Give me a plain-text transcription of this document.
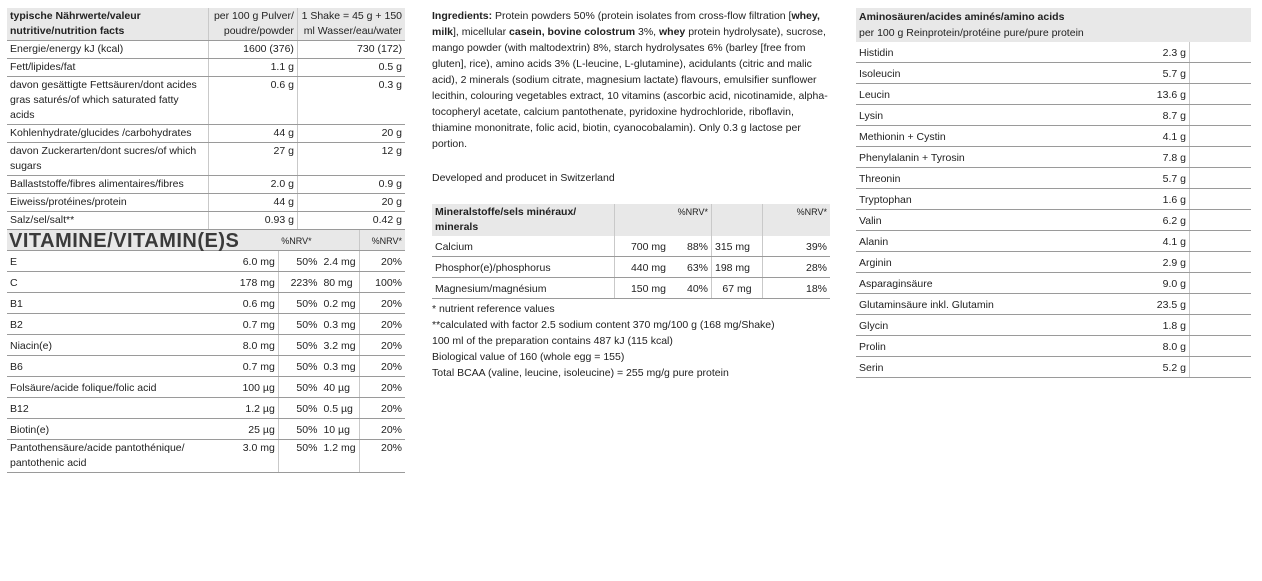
typische Nährwerte/valeur nutritive/nutrition facts	per 100 g Pulver/ poudre/powder	1 Shake = 45 g + 150 ml Wasser/eau/water
Energie/energy kJ (kcal)	1600 (376)	730 (172)
Fett/lipides/fat	1.1 g	0.5 g
davon gesättigte Fettsäuren/dont acides gras saturés/of which saturated fatty acids	0.6 g	0.3 g
Kohlenhydrate/glucides /carbohydrates	44 g	20 g
davon Zuckerarten/dont sucres/of which sugars	27 g	12 g
Ballaststoffe/fibres alimentaires/fibres	2.0 g	0.9 g
Eiweiss/protéines/protein	44 g	20 g
Salz/sel/salt**	0.93 g	0.42 g
VITAMINE/VITAMIN(E)S		%NRV*		%NRV*
E	6.0 mg	50%	2.4 mg	20%
C	178 mg	223%	80 mg	100%
B1	0.6 mg	50%	0.2 mg	20%
B2	0.7 mg	50%	0.3 mg	20%
Niacin(e)	8.0 mg	50%	3.2 mg	20%
B6	0.7 mg	50%	0.3 mg	20%
Folsäure/acide folique/folic acid	100 µg	50%	40 µg	20%
B12	1.2 µg	50%	0.5 µg	20%
Biotin(e)	25 µg	50%	10 µg	20%
Pantothensäure/acide pantothénique/ pantothenic acid	3.0 mg	50%	1.2 mg	20%

Ingredients: Protein powders 50% (protein isolates from cross-flow filtration [whey, milk], micellular casein, bovine colostrum 3%, whey protein hydrolysate), sucrose, mango powder (with maltodextrin) 8%, starch hydrolysates 6% (barley [free from gluten], rice), amino acids 3% (L-leucine, L-glutamine), acidulants (citric and malic acid), 2 minerals (sodium citrate, magnesium lactate) flavours, emulsifier sunflower lecithin, colouring vegetables extract, 10 vitamins (ascorbic acid, nicotinamide, alpha-tocopheryl acetate, calcium pantothenate, pyridoxine hydrochloride, riboflavin, thiamine mononitrate, folic acid, biotin, cyanocobalamin). Only 0.3 g lactose per portion.

Developed and producet in Switzerland

Mineralstoffe/sels minéraux/ minerals		%NRV*		%NRV*
Calcium	700 mg	88%	315 mg	39%
Phosphor(e)/phosphorus	440 mg	63%	198 mg	28%
Magnesium/magnésium	150 mg	40%	67 mg	18%
* nutrient reference values
**calculated with factor 2.5 sodium content 370 mg/100 g (168 mg/Shake)
100 ml of the preparation contains 487 kJ (115 kcal)
Biological value of 160 (whole egg = 155)
Total BCAA (valine, leucine, isoleucine) = 255 mg/g pure protein
Aminosäuren/acides aminés/amino acids
per 100 g Reinprotein/protéine pure/pure protein		

Histidin	2.3 g	
Isoleucin	5.7 g	
Leucin	13.6 g	
Lysin	8.7 g	
Methionin + Cystin	4.1 g	
Phenylalanin + Tyrosin	7.8 g	
Threonin	5.7 g	
Tryptophan	1.6 g	
Valin	6.2 g	
Alanin	4.1 g	
Arginin	2.9 g	
Asparaginsäure	9.0 g	
Glutaminsäure inkl. Glutamin	23.5 g	
Glycin	1.8 g	
Prolin	8.0 g	
Serin	5.2 g	
